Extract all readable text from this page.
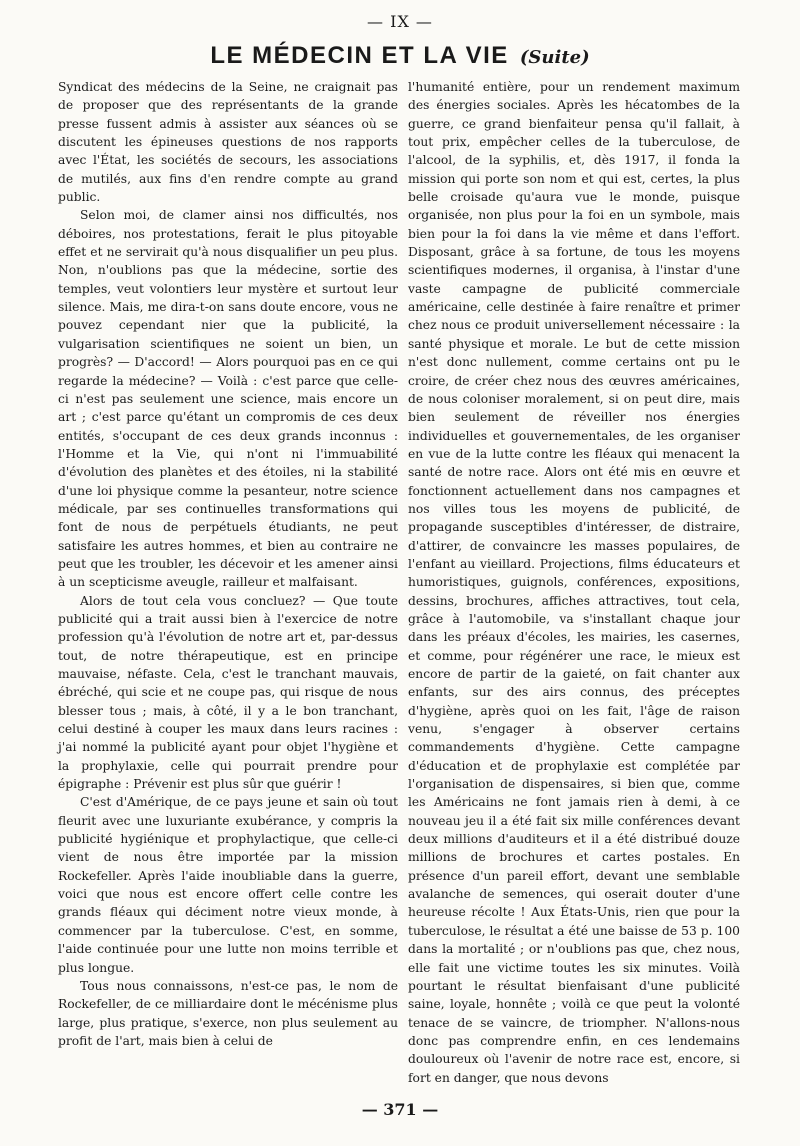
— IX —
LE MÉDECIN ET LA VIE (Suite)

Syndicat des médecins de la Seine, ne craignait pas de proposer que des représentants de la grande presse fussent admis à assister aux séances où se discutent les épineuses questions de nos rapports avec l'État, les sociétés de secours, les associations de mutilés, aux fins d'en rendre compte au grand public.

Selon moi, de clamer ainsi nos difficultés, nos déboires, nos protestations, ferait le plus pitoyable effet et ne servirait qu'à nous disqualifier un peu plus. Non, n'oublions pas que la médecine, sortie des temples, veut volontiers leur mystère et surtout leur silence. Mais, me dira-t-on sans doute encore, vous ne pouvez cependant nier que la publicité, la vulgarisation scientifiques ne soient un bien, un progrès? — D'accord! — Alors pourquoi pas en ce qui regarde la médecine? — Voilà : c'est parce que celle-ci n'est pas seulement une science, mais encore un art ; c'est parce qu'étant un compromis de ces deux entités, s'occupant de ces deux grands inconnus : l'Homme et la Vie, qui n'ont ni l'immuabilité d'évolution des planètes et des étoiles, ni la stabilité d'une loi physique comme la pesanteur, notre science médicale, par ses continuelles transformations qui font de nous de perpétuels étudiants, ne peut satisfaire les autres hommes, et bien au contraire ne peut que les troubler, les décevoir et les amener ainsi à un scepticisme aveugle, railleur et malfaisant.

Alors de tout cela vous concluez? — Que toute publicité qui a trait aussi bien à l'exercice de notre profession qu'à l'évolution de notre art et, par-dessus tout, de notre thérapeutique, est en principe mauvaise, néfaste. Cela, c'est le tranchant mauvais, ébréché, qui scie et ne coupe pas, qui risque de nous blesser tous ; mais, à côté, il y a le bon tranchant, celui destiné à couper les maux dans leurs racines : j'ai nommé la publicité ayant pour objet l'hygiène et la prophylaxie, celle qui pourrait prendre pour épigraphe : Prévenir est plus sûr que guérir !

C'est d'Amérique, de ce pays jeune et sain où tout fleurit avec une luxuriante exubérance, y compris la publicité hygiénique et prophylactique, que celle-ci vient de nous être importée par la mission Rockefeller. Après l'aide inoubliable dans la guerre, voici que nous est encore offert celle contre les grands fléaux qui déciment notre vieux monde, à commencer par la tuberculose. C'est, en somme, l'aide continuée pour une lutte non moins terrible et plus longue.

Tous nous connaissons, n'est-ce pas, le nom de Rockefeller, de ce milliardaire dont le mécénisme plus large, plus pratique, s'exerce, non plus seulement au profit de l'art, mais bien à celui de

l'humanité entière, pour un rendement maximum des énergies sociales. Après les hécatombes de la guerre, ce grand bienfaiteur pensa qu'il fallait, à tout prix, empêcher celles de la tuberculose, de l'alcool, de la syphilis, et, dès 1917, il fonda la mission qui porte son nom et qui est, certes, la plus belle croisade qu'aura vue le monde, puisque organisée, non plus pour la foi en un symbole, mais bien pour la foi dans la vie même et dans l'effort. Disposant, grâce à sa fortune, de tous les moyens scientifiques modernes, il organisa, à l'instar d'une vaste campagne de publicité commerciale américaine, celle destinée à faire renaître et primer chez nous ce produit universellement nécessaire : la santé physique et morale. Le but de cette mission n'est donc nullement, comme certains ont pu le croire, de créer chez nous des œuvres américaines, de nous coloniser moralement, si on peut dire, mais bien seulement de réveiller nos énergies individuelles et gouvernementales, de les organiser en vue de la lutte contre les fléaux qui menacent la santé de notre race. Alors ont été mis en œuvre et fonctionnent actuellement dans nos campagnes et nos villes tous les moyens de publicité, de propagande susceptibles d'intéresser, de distraire, d'attirer, de convaincre les masses populaires, de l'enfant au vieillard. Projections, films éducateurs et humoristiques, guignols, conférences, expositions, dessins, brochures, affiches attractives, tout cela, grâce à l'automobile, va s'installant chaque jour dans les préaux d'écoles, les mairies, les casernes, et comme, pour régénérer une race, le mieux est encore de partir de la gaieté, on fait chanter aux enfants, sur des airs connus, des préceptes d'hygiène, après quoi on les fait, l'âge de raison venu, s'engager à observer certains commandements d'hygiène. Cette campagne d'éducation et de prophylaxie est complétée par l'organisation de dispensaires, si bien que, comme les Américains ne font jamais rien à demi, à ce nouveau jeu il a été fait six mille conférences devant deux millions d'auditeurs et il a été distribué douze millions de brochures et cartes postales. En présence d'un pareil effort, devant une semblable avalanche de semences, qui oserait douter d'une heureuse récolte ! Aux États-Unis, rien que pour la tuberculose, le résultat a été une baisse de 53 p. 100 dans la mortalité ; or n'oublions pas que, chez nous, elle fait une victime toutes les six minutes. Voilà pourtant le résultat bienfaisant d'une publicité saine, loyale, honnête ; voilà ce que peut la volonté tenace de se vaincre, de triompher. N'allons-nous donc pas comprendre enfin, en ces lendemains douloureux où l'avenir de notre race est, encore, si fort en danger, que nous devons

— 371 —
